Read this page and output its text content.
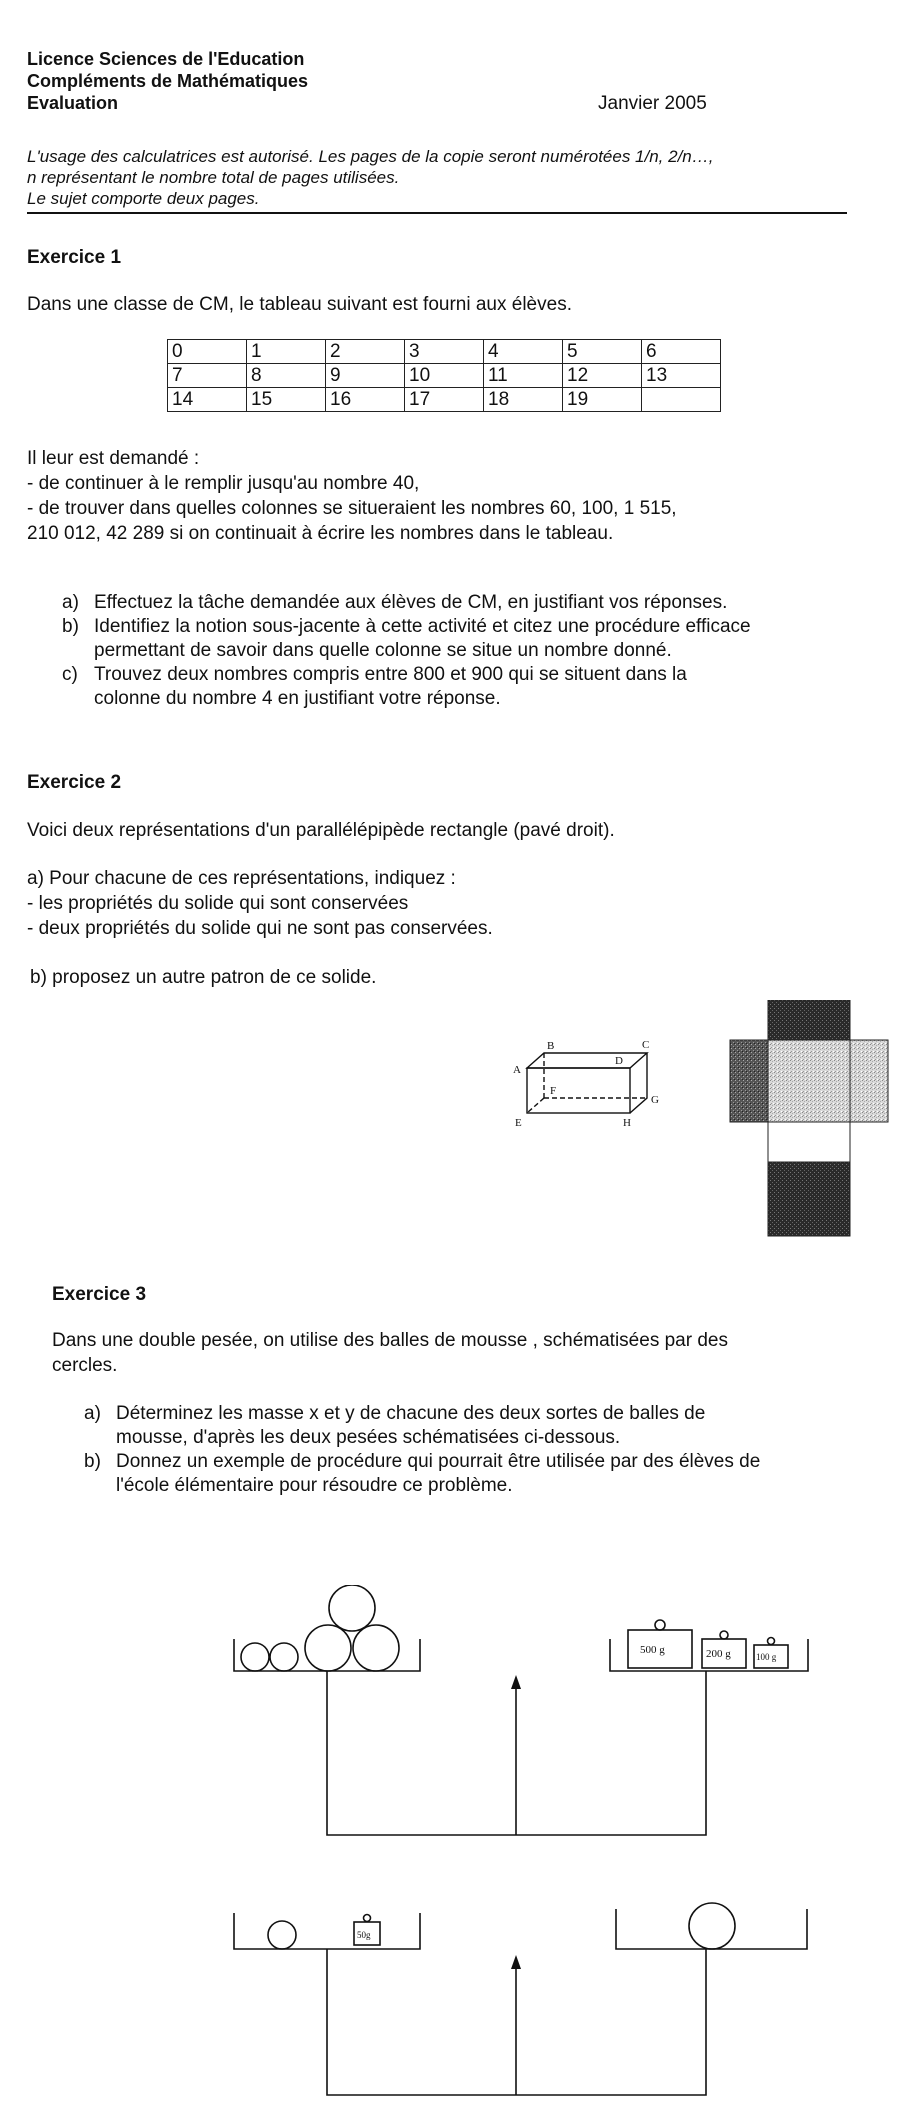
Licence Sciences de l'Education
Compléments de Mathématiques
Evaluation	Janvier 2005
L'usage des calculatrices est autorisé. Les pages de la copie seront numérotées 1/n, 2/n…,
n représentant le nombre total de pages utilisées.
Le sujet comporte deux pages.
Exercice 1
Dans une classe de CM, le tableau suivant est fourni aux élèves.
0	1	2	3	4	5	6
7	8	9	10	11	12	13
14	15	16	17	18	19	
Il leur est demandé :
- de continuer à le remplir jusqu'au nombre 40,
- de trouver dans quelles colonnes se situeraient les nombres 60, 100, 1 515,
210 012, 42 289 si on continuait à écrire les nombres dans le tableau.
a) Effectuez la tâche demandée aux élèves de CM, en justifiant vos réponses.
b) Identifiez la notion sous-jacente à cette activité et citez une procédure efficace
permettant de savoir dans quelle colonne se situe un nombre donné.
c) Trouvez deux nombres compris entre 800 et 900 qui se situent dans la
colonne du nombre 4 en justifiant votre réponse.
Exercice 2
Voici deux représentations d'un parallélépipède rectangle (pavé droit).
a) Pour chacune de ces représentations, indiquez :
- les propriétés du solide qui sont conservées
- deux propriétés du solide qui ne sont pas conservées.
b) proposez un autre patron de ce solide.
A
B	C
D
E
F
G
H
Exercice 3
Dans une double pesée, on utilise des balles de mousse , schématisées par des
cercles.
a) Déterminez les masse x et y de chacune des deux sortes de balles de
mousse, d'après les deux pesées schématisées ci-dessous.
b) Donnez un exemple de procédure qui pourrait être utilisée par des élèves de
l'école élémentaire pour résoudre ce problème.
500 g	200 g	100 g
50g
